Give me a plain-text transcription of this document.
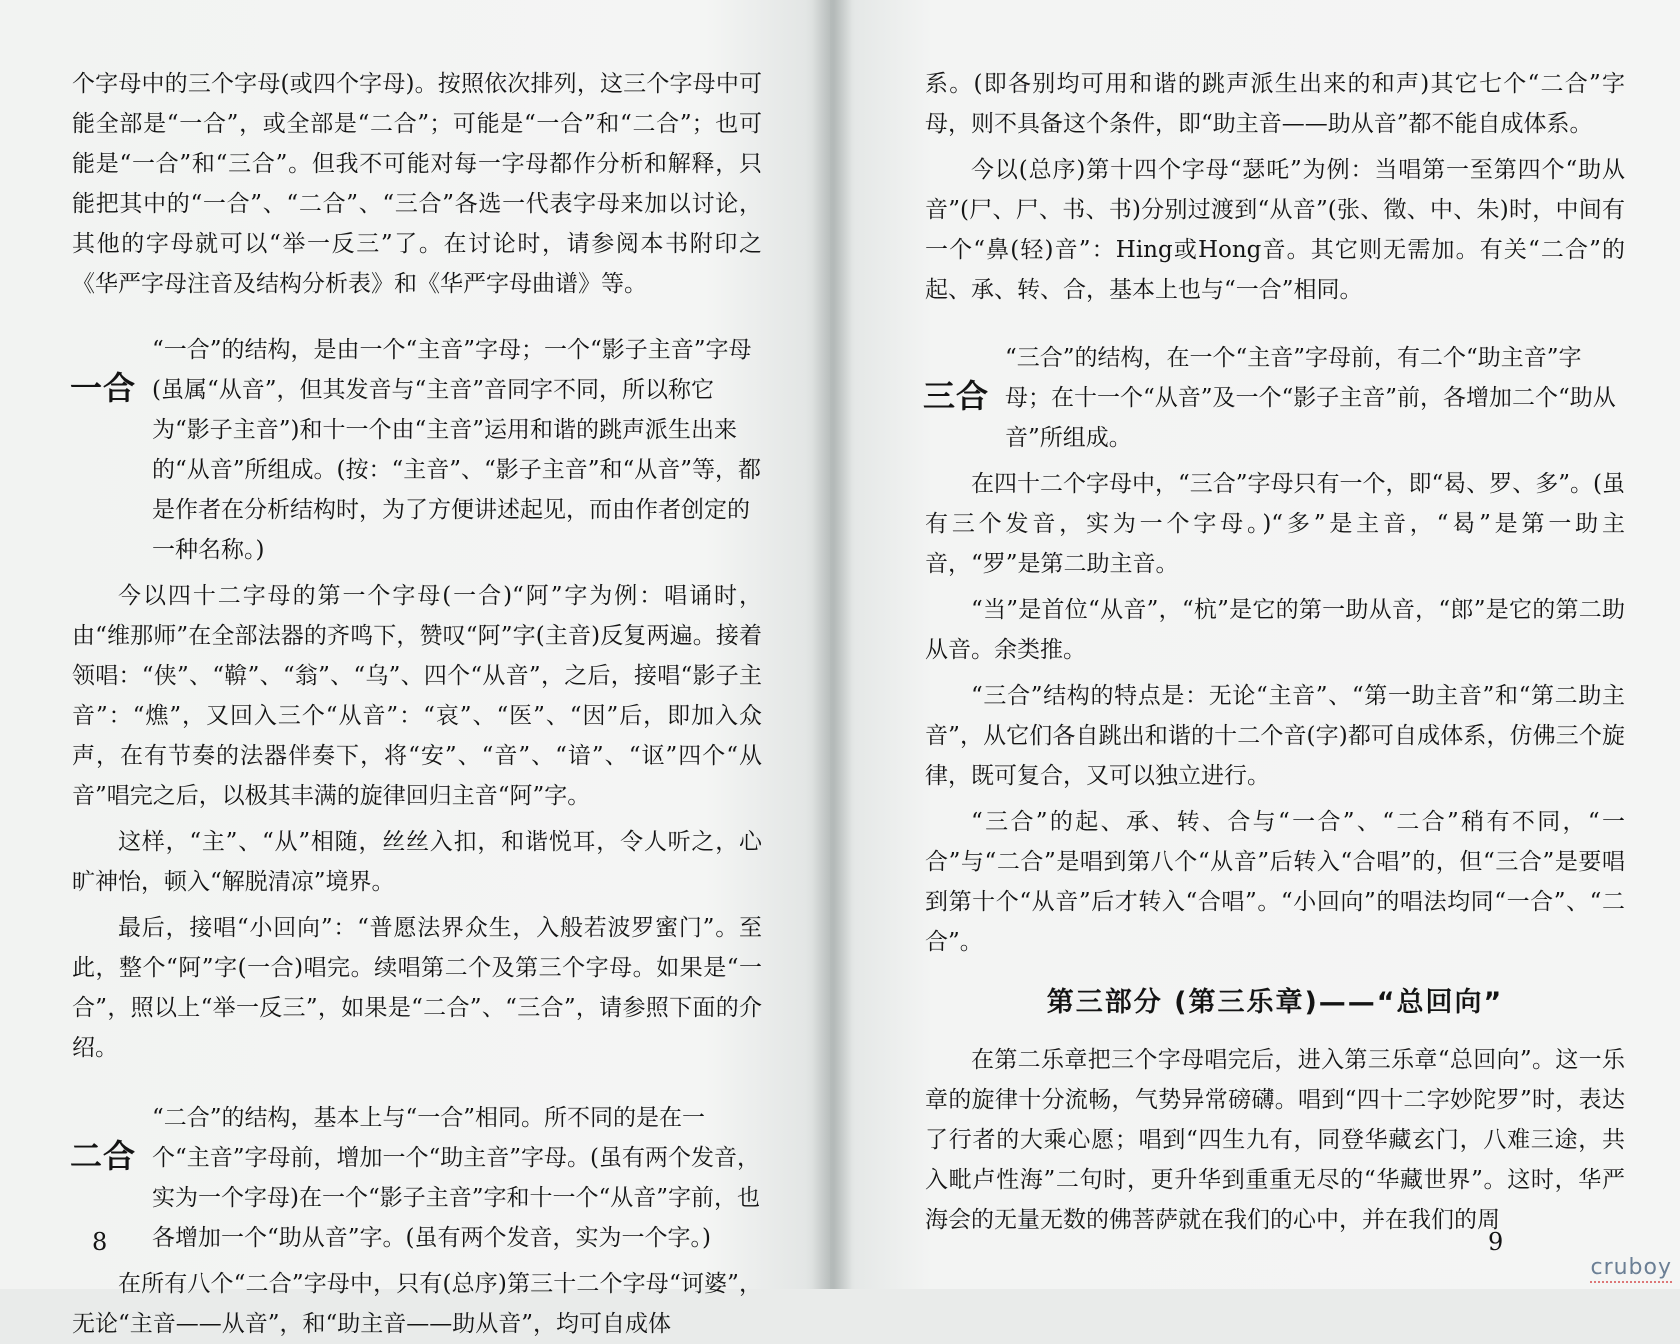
个字母中的三个字母(或四个字母)。按照依次排列，这三个字母中可能全部是“一合”，或全部是“二合”；可能是“一合”和“二合”；也可能是“一合”和“三合”。但我不可能对每一字母都作分析和解释，只能把其中的“一合”、“二合”、“三合”各选一代表字母来加以讨论，其他的字母就可以“举一反三”了。在讨论时，请参阅本书附印之《华严字母注音及结构分析表》和《华严字母曲谱》等。

一合
“一合”的结构，是由一个“主音”字母；一个“影子主音”字母
(虽属“从音”，但其发音与“主音”音同字不同，所以称它为“影子主音”)和十一个由“主音”运用和谐的跳声派生出来的“从音”所组成。(按：“主音”、“影子主音”和“从音”等，都是作者在分析结构时，为了方便讲述起见，而由作者创定的一种名称。)

今以四十二字母的第一个字母(一合)“阿”字为例：唱诵时，由“维那师”在全部法器的齐鸣下，赞叹“阿”字(主音)反复两遍。接着领唱：“侠”、“鞥”、“翁”、“乌”、四个“从音”，之后，接唱“影子主音”：“燋”，又回入三个“从音”：“哀”、“医”、“因”后，即加入众声，在有节奏的法器伴奏下，将“安”、“音”、“谙”、“讴”四个“从音”唱完之后，以极其丰满的旋律回归主音“阿”字。

这样，“主”、“从”相随，丝丝入扣，和谐悦耳，令人听之，心旷神怡，顿入“解脱清凉”境界。

最后，接唱“小回向”：“普愿法界众生，入般若波罗蜜门”。至此，整个“阿”字(一合)唱完。续唱第二个及第三个字母。如果是“一合”，照以上“举一反三”，如果是“二合”、“三合”，请参照下面的介绍。

二合
“二合”的结构，基本上与“一合”相同。所不同的是在一
个“主音”字母前，增加一个“助主音”字母。(虽有两个发音，实为一个字母)在一个“影子主音”字和十一个“从音”字前，也各增加一个“助从音”字。(虽有两个发音，实为一个字。)

在所有八个“二合”字母中，只有(总序)第三十二个字母“诃婆”，无论“主音——从音”，和“助主音——助从音”，均可自成体

8

系。(即各别均可用和谐的跳声派生出来的和声)其它七个“二合”字母，则不具备这个条件，即“助主音——助从音”都不能自成体系。

今以(总序)第十四个字母“瑟吒”为例：当唱第一至第四个“助从音”(尸、尸、书、书)分别过渡到“从音”(张、徵、中、朱)时，中间有一个“鼻(轻)音”：Hing或Hong音。其它则无需加。有关“二合”的起、承、转、合，基本上也与“一合”相同。

三合
“三合”的结构，在一个“主音”字母前，有二个“助主音”字
母；在十一个“从音”及一个“影子主音”前，各增加二个“助从音”所组成。

在四十二个字母中，“三合”字母只有一个，即“曷、罗、多”。(虽有三个发音，实为一个字母。)“多”是主音，“曷”是第一助主音，“罗”是第二助主音。

“当”是首位“从音”，“杭”是它的第一助从音，“郎”是它的第二助从音。余类推。

“三合”结构的特点是：无论“主音”、“第一助主音”和“第二助主音”，从它们各自跳出和谐的十二个音(字)都可自成体系，仿佛三个旋律，既可复合，又可以独立进行。

“三合”的起、承、转、合与“一合”、“二合”稍有不同，“一合”与“二合”是唱到第八个“从音”后转入“合唱”的，但“三合”是要唱到第十个“从音”后才转入“合唱”。“小回向”的唱法均同“一合”、“二合”。

第三部分 (第三乐章)——“总回向”

在第二乐章把三个字母唱完后，进入第三乐章“总回向”。这一乐章的旋律十分流畅，气势异常磅礴。唱到“四十二字妙陀罗”时，表达了行者的大乘心愿；唱到“四生九有，同登华藏玄门，八难三途，共入毗卢性海”二句时，更升华到重重无尽的“华藏世界”。这时，华严海会的无量无数的佛菩萨就在我们的心中，并在我们的周

9
cruboy
